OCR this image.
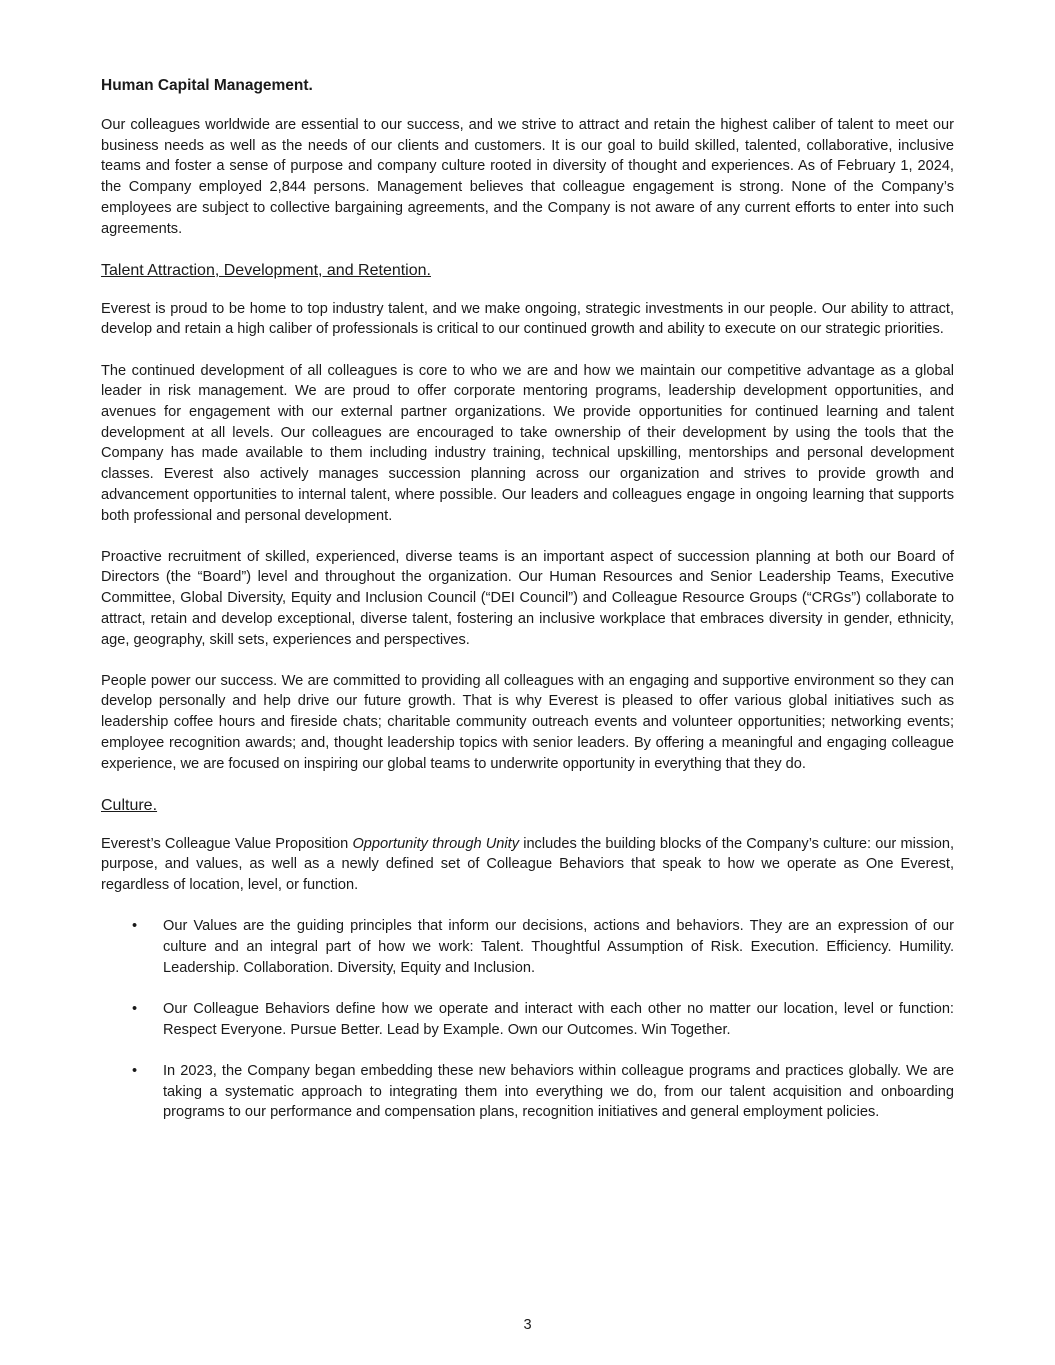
Human Capital Management.

Our colleagues worldwide are essential to our success, and we strive to attract and retain the highest caliber of talent to meet our business needs as well as the needs of our clients and customers. It is our goal to build skilled, talented, collaborative, inclusive teams and foster a sense of purpose and company culture rooted in diversity of thought and experiences. As of February 1, 2024, the Company employed 2,844 persons. Management believes that colleague engagement is strong. None of the Company’s employees are subject to collective bargaining agreements, and the Company is not aware of any current efforts to enter into such agreements.

Talent Attraction, Development, and Retention.

Everest is proud to be home to top industry talent, and we make ongoing, strategic investments in our people. Our ability to attract, develop and retain a high caliber of professionals is critical to our continued growth and ability to execute on our strategic priorities.

The continued development of all colleagues is core to who we are and how we maintain our competitive advantage as a global leader in risk management. We are proud to offer corporate mentoring programs, leadership development opportunities, and avenues for engagement with our external partner organizations. We provide opportunities for continued learning and talent development at all levels. Our colleagues are encouraged to take ownership of their development by using the tools that the Company has made available to them including industry training, technical upskilling, mentorships and personal development classes. Everest also actively manages succession planning across our organization and strives to provide growth and advancement opportunities to internal talent, where possible. Our leaders and colleagues engage in ongoing learning that supports both professional and personal development.

Proactive recruitment of skilled, experienced, diverse teams is an important aspect of succession planning at both our Board of Directors (the “Board”) level and throughout the organization. Our Human Resources and Senior Leadership Teams, Executive Committee, Global Diversity, Equity and Inclusion Council (“DEI Council”) and Colleague Resource Groups (“CRGs”) collaborate to attract, retain and develop exceptional, diverse talent, fostering an inclusive workplace that embraces diversity in gender, ethnicity, age, geography, skill sets, experiences and perspectives.

People power our success. We are committed to providing all colleagues with an engaging and supportive environment so they can develop personally and help drive our future growth. That is why Everest is pleased to offer various global initiatives such as leadership coffee hours and fireside chats; charitable community outreach events and volunteer opportunities; networking events; employee recognition awards; and, thought leadership topics with senior leaders. By offering a meaningful and engaging colleague experience, we are focused on inspiring our global teams to underwrite opportunity in everything that they do.

Culture.

Everest’s Colleague Value Proposition Opportunity through Unity includes the building blocks of the Company’s culture: our mission, purpose, and values, as well as a newly defined set of Colleague Behaviors that speak to how we operate as One Everest, regardless of location, level, or function.

• Our Values are the guiding principles that inform our decisions, actions and behaviors. They are an expression of our culture and an integral part of how we work: Talent. Thoughtful Assumption of Risk. Execution. Efficiency. Humility. Leadership. Collaboration. Diversity, Equity and Inclusion.
• Our Colleague Behaviors define how we operate and interact with each other no matter our location, level or function: Respect Everyone. Pursue Better. Lead by Example. Own our Outcomes. Win Together.
• In 2023, the Company began embedding these new behaviors within colleague programs and practices globally. We are taking a systematic approach to integrating them into everything we do, from our talent acquisition and onboarding programs to our performance and compensation plans, recognition initiatives and general employment policies.
3
